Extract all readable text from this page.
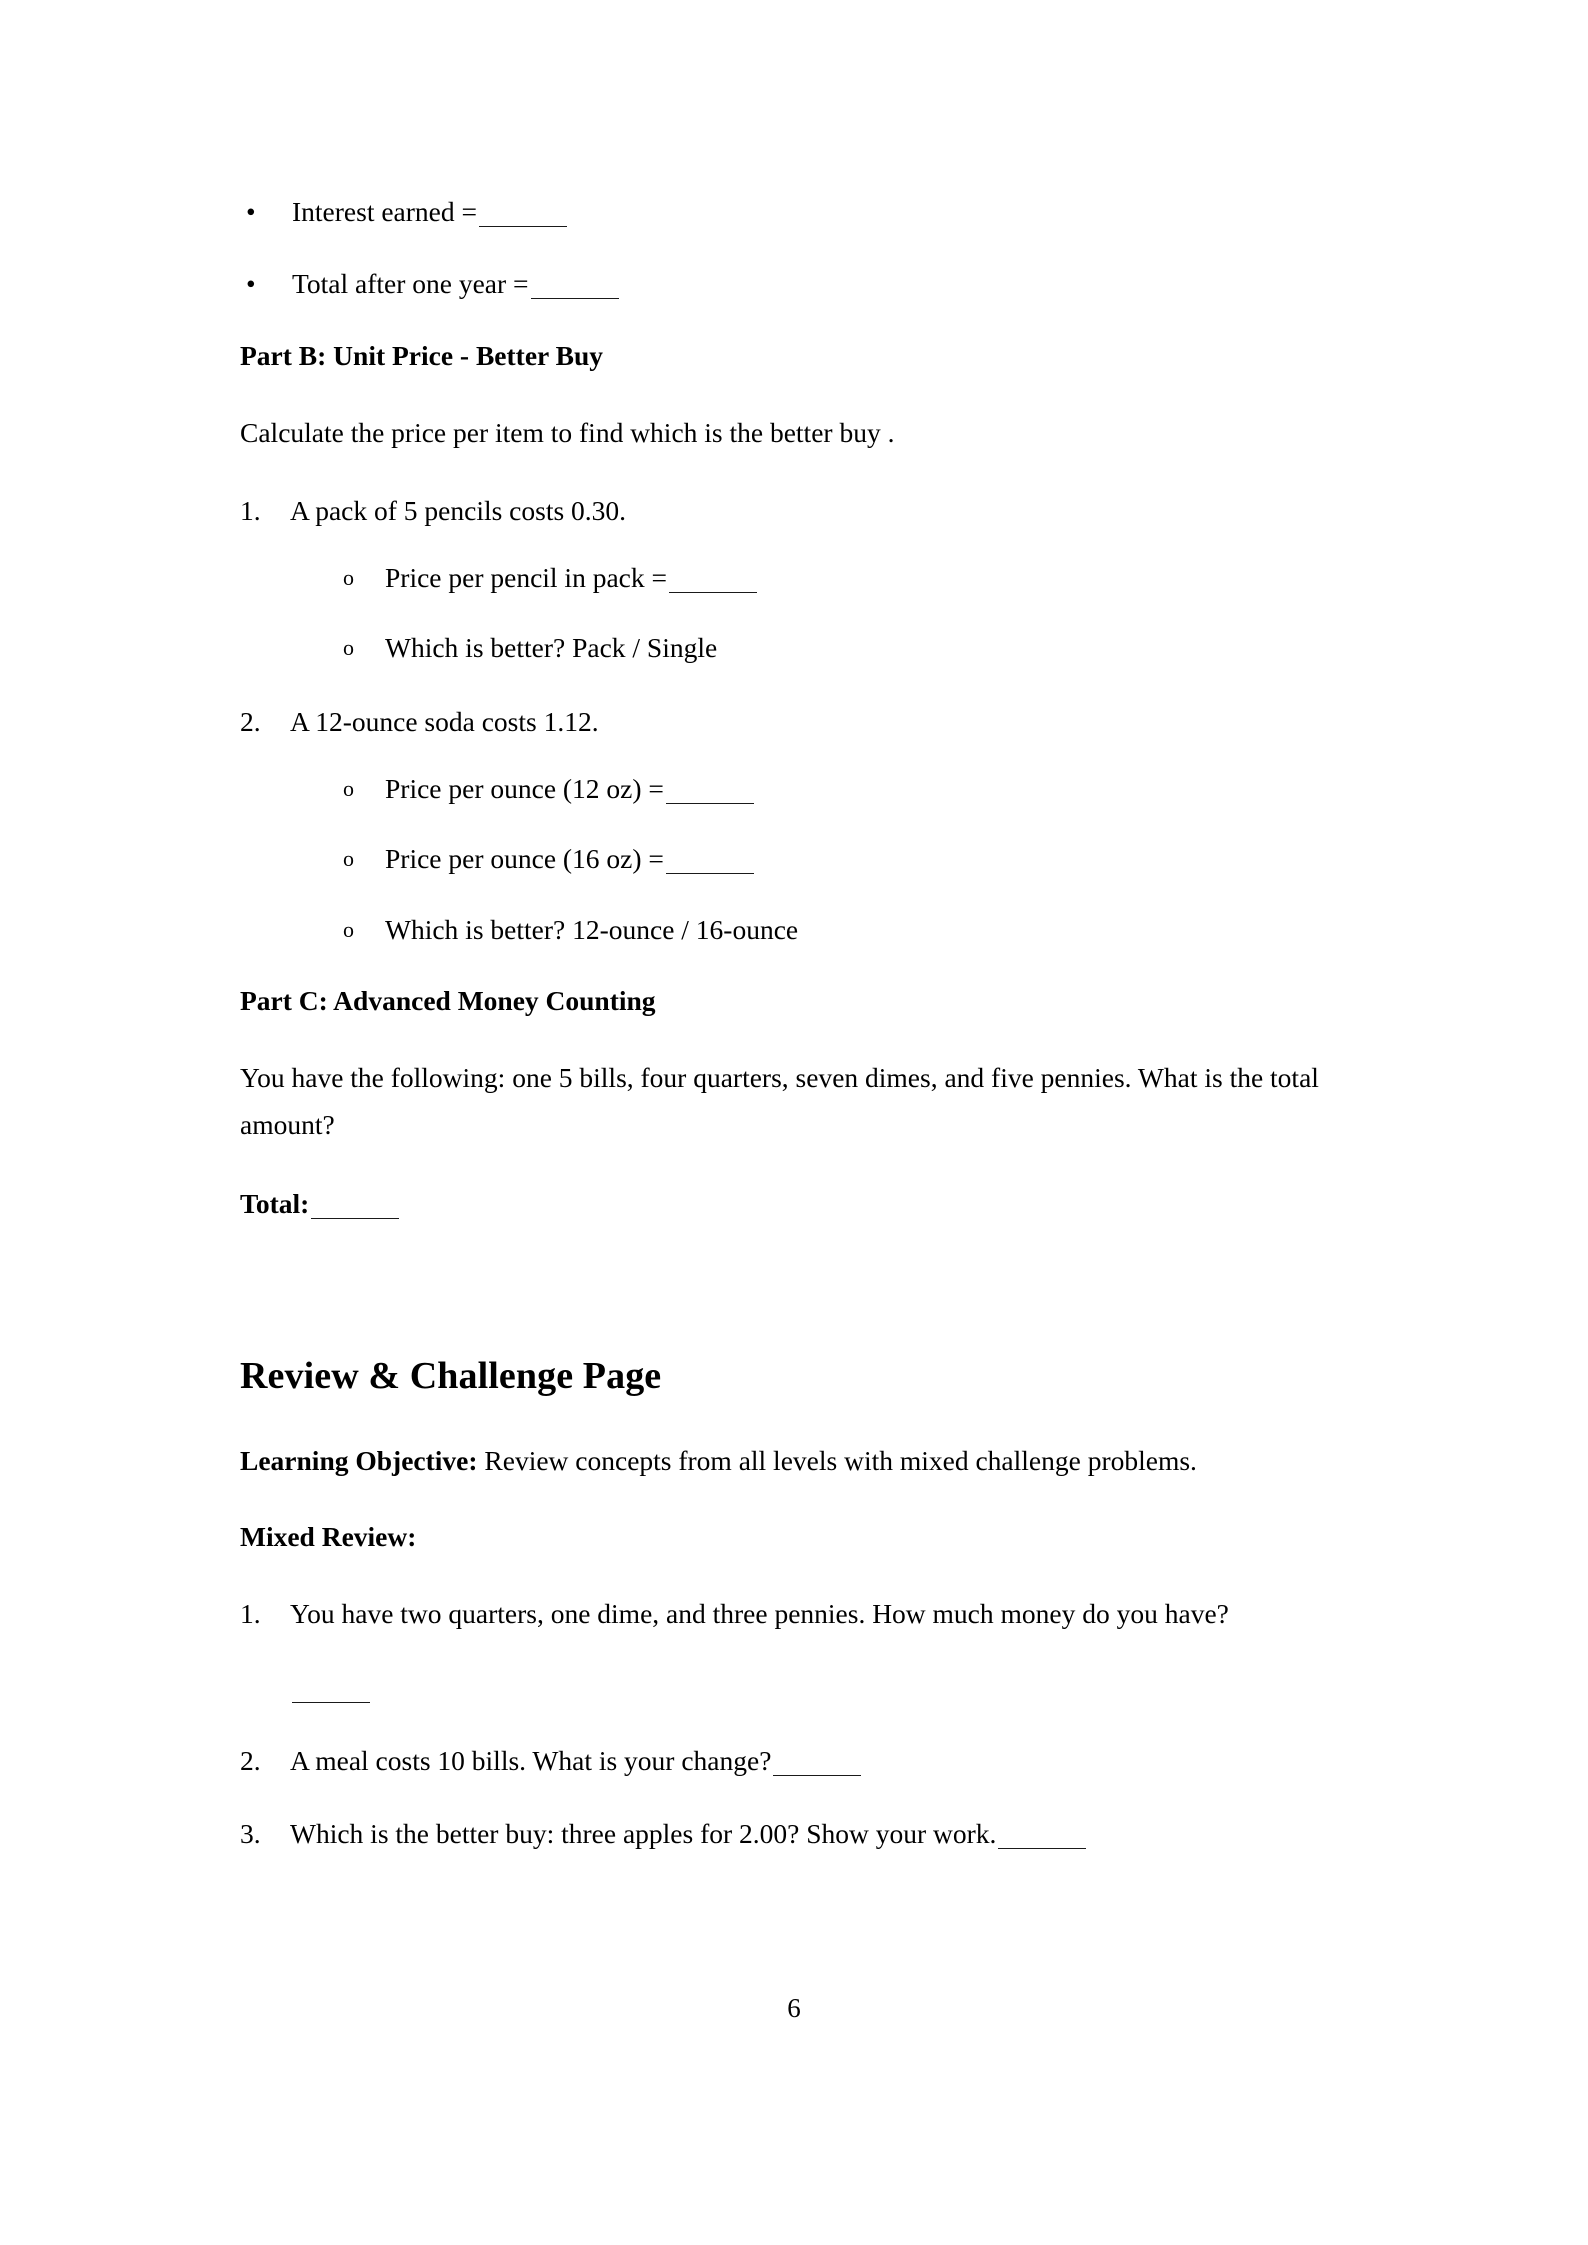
• Interest earned =
• Total after one year =
Part B: Unit Price - Better Buy
Calculate the price per item to find which is the better buy .
1. A pack of 5 pencils costs 0.30.
o Price per pencil in pack =
o Which is better? Pack / Single
2. A 12-ounce soda costs 1.12.
o Price per ounce (12 oz) =
o Price per ounce (16 oz) =
o Which is better? 12-ounce / 16-ounce
Part C: Advanced Money Counting
You have the following: one 5 bills, four quarters, seven dimes, and five pennies. What is the total amount?
Total:
Review & Challenge Page
Learning Objective: Review concepts from all levels with mixed challenge problems.
Mixed Review:
1. You have two quarters, one dime, and three pennies. How much money do you have?
2. A meal costs 10 bills. What is your change?
3. Which is the better buy: three apples for 2.00? Show your work.
6
